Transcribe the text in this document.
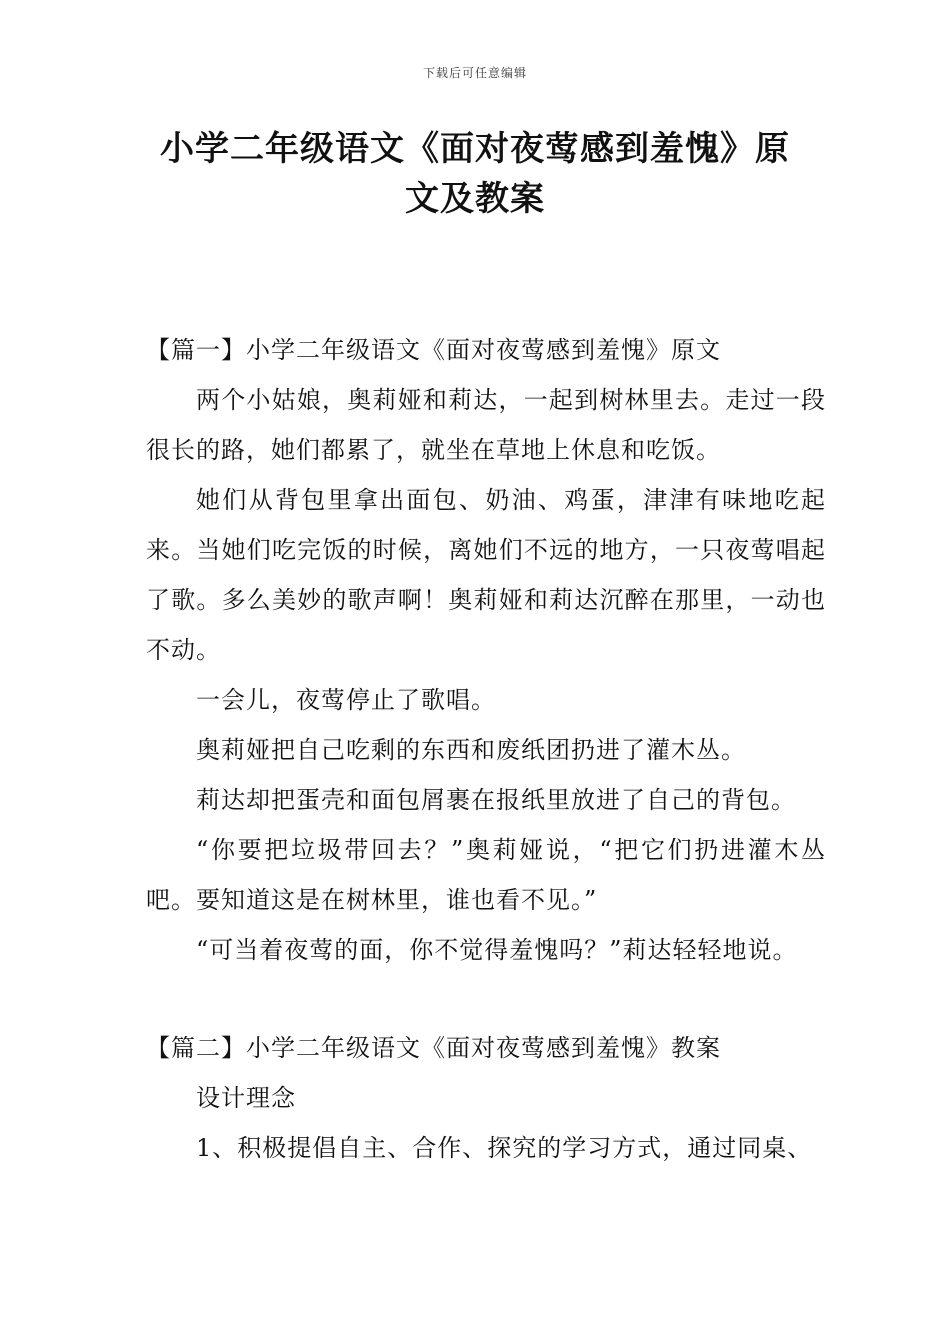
下载后可任意编辑
小学二年级语文《面对夜莺感到羞愧》原
文及教案

【篇一】小学二年级语文《面对夜莺感到羞愧》原文

两个小姑娘，奥莉娅和莉达，一起到树林里去。走过一段很长的路，她们都累了，就坐在草地上休息和吃饭。

她们从背包里拿出面包、奶油、鸡蛋，津津有味地吃起来。当她们吃完饭的时候，离她们不远的地方，一只夜莺唱起了歌。多么美妙的歌声啊！奥莉娅和莉达沉醉在那里，一动也不动。

一会儿，夜莺停止了歌唱。

奥莉娅把自己吃剩的东西和废纸团扔进了灌木丛。

莉达却把蛋壳和面包屑裹在报纸里放进了自己的背包。

“你要把垃圾带回去？”奥莉娅说，“把它们扔进灌木丛吧。要知道这是在树林里，谁也看不见。”

“可当着夜莺的面，你不觉得羞愧吗？”莉达轻轻地说。

【篇二】小学二年级语文《面对夜莺感到羞愧》教案

设计理念

1、积极提倡自主、合作、探究的学习方式，通过同桌、
